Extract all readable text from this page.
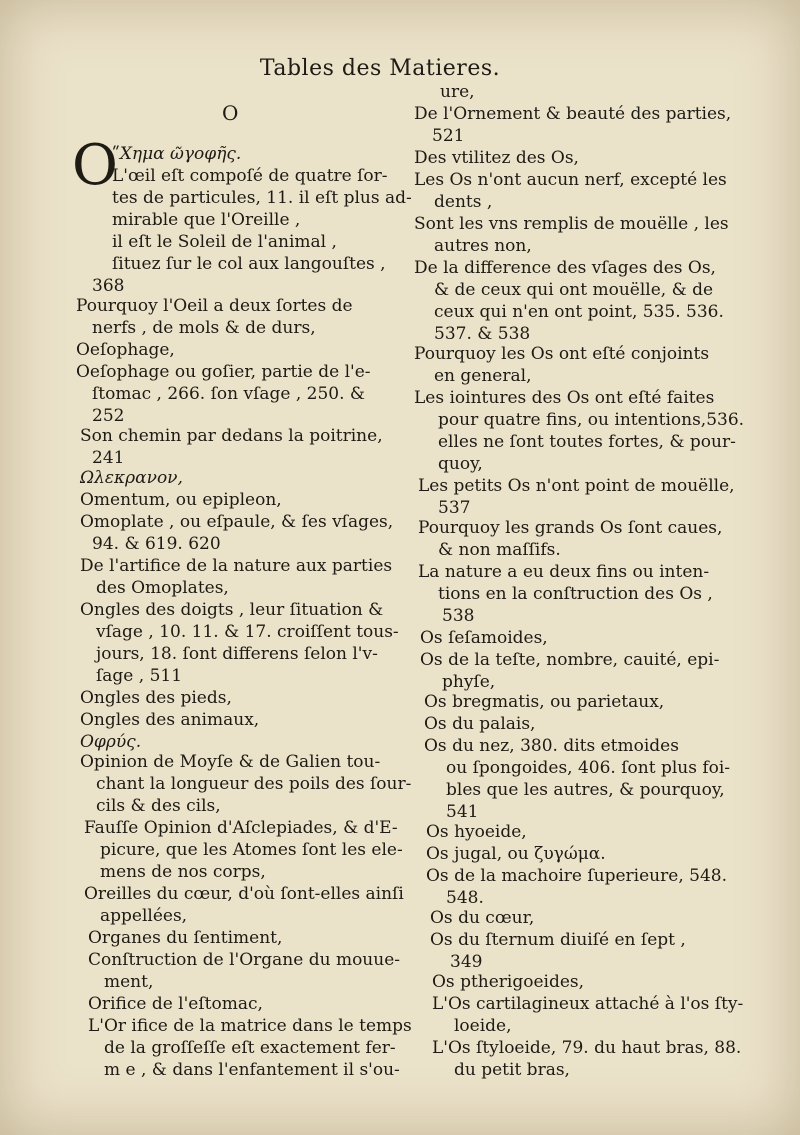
Tables des Matieres.
O
O
ʺΧημα ῶγοφῆς.
L'œil eſt compoſé de quatre ſor-
tes de particules, 11. il eſt plus ad-
mirable que l'Oreille ,
il eſt le Soleil de l'animal ,
ſituez ſur le col aux langouſtes ,
368
Pourquoy l'Oeil a deux ſortes de
nerfs , de mols & de durs,
Oeſophage,
Oeſophage ou goſier, partie de l'e-
ſtomac , 266. ſon vſage , 250. &
252
Son chemin par dedans la poitrine,
241
Ωλεκρανον,
Omentum, ou epipleon,
Omoplate , ou eſpaule, & ſes vſages,
94. & 619. 620
De l'artifice de la nature aux parties
des Omoplates,
Ongles des doigts , leur ſituation &
vſage , 10. 11. & 17. croiſſent tous-
jours, 18. ſont differens ſelon l'v-
ſage , 511
Ongles des pieds,
Ongles des animaux,
Οφρύς.
Opinion de Moyſe & de Galien tou-
chant la longueur des poils des ſour-
cils & des cils,
Fauſſe Opinion d'Aſclepiades, & d'E-
picure, que les Atomes ſont les ele-
mens de nos corps,
Oreilles du cœur, d'où ſont-elles ainſi
appellées,
Organes du ſentiment,
Conſtruction de l'Organe du mouue-
ment,
Orifice de l'eſtomac,
L'Or ifice de la matrice dans le temps
de la groſſeſſe eſt exactement fer-
m e , & dans l'enfantement il s'ou-
ure,
De l'Ornement & beauté des parties,
521
Des vtilitez des Os,
Les Os n'ont aucun nerf, excepté les
dents ,
Sont les vns remplis de mouëlle , les
autres non,
De la difference des vſages des Os,
& de ceux qui ont mouëlle, & de
ceux qui n'en ont point, 535. 536.
537. & 538
Pourquoy les Os ont eſté conjoints
en general,
Les iointures des Os ont eſté faites
pour quatre fins, ou intentions,536.
elles ne ſont toutes fortes, & pour-
quoy,
Les petits Os n'ont point de mouëlle,
537
Pourquoy les grands Os ſont caues,
& non maſſifs.
La nature a eu deux fins ou inten-
tions en la conſtruction des Os ,
538
Os ſeſamoides,
Os de la teſte, nombre, cauité, epi-
phyſe,
Os bregmatis, ou parietaux,
Os du palais,
Os du nez, 380. dits etmoides
ou ſpongoides, 406. ſont plus foi-
bles que les autres, & pourquoy,
541
Os hyoeide,
Os jugal, ou ζυγώμα.
Os de la machoire ſuperieure, 548.
548.
Os du cœur,
Os du ſternum diuiſé en ſept ,
349
Os ptherigoeides,
L'Os cartilagineux attaché à l'os ſty-
loeide,
L'Os ſtyloeide, 79. du haut bras, 88.
du petit bras,
